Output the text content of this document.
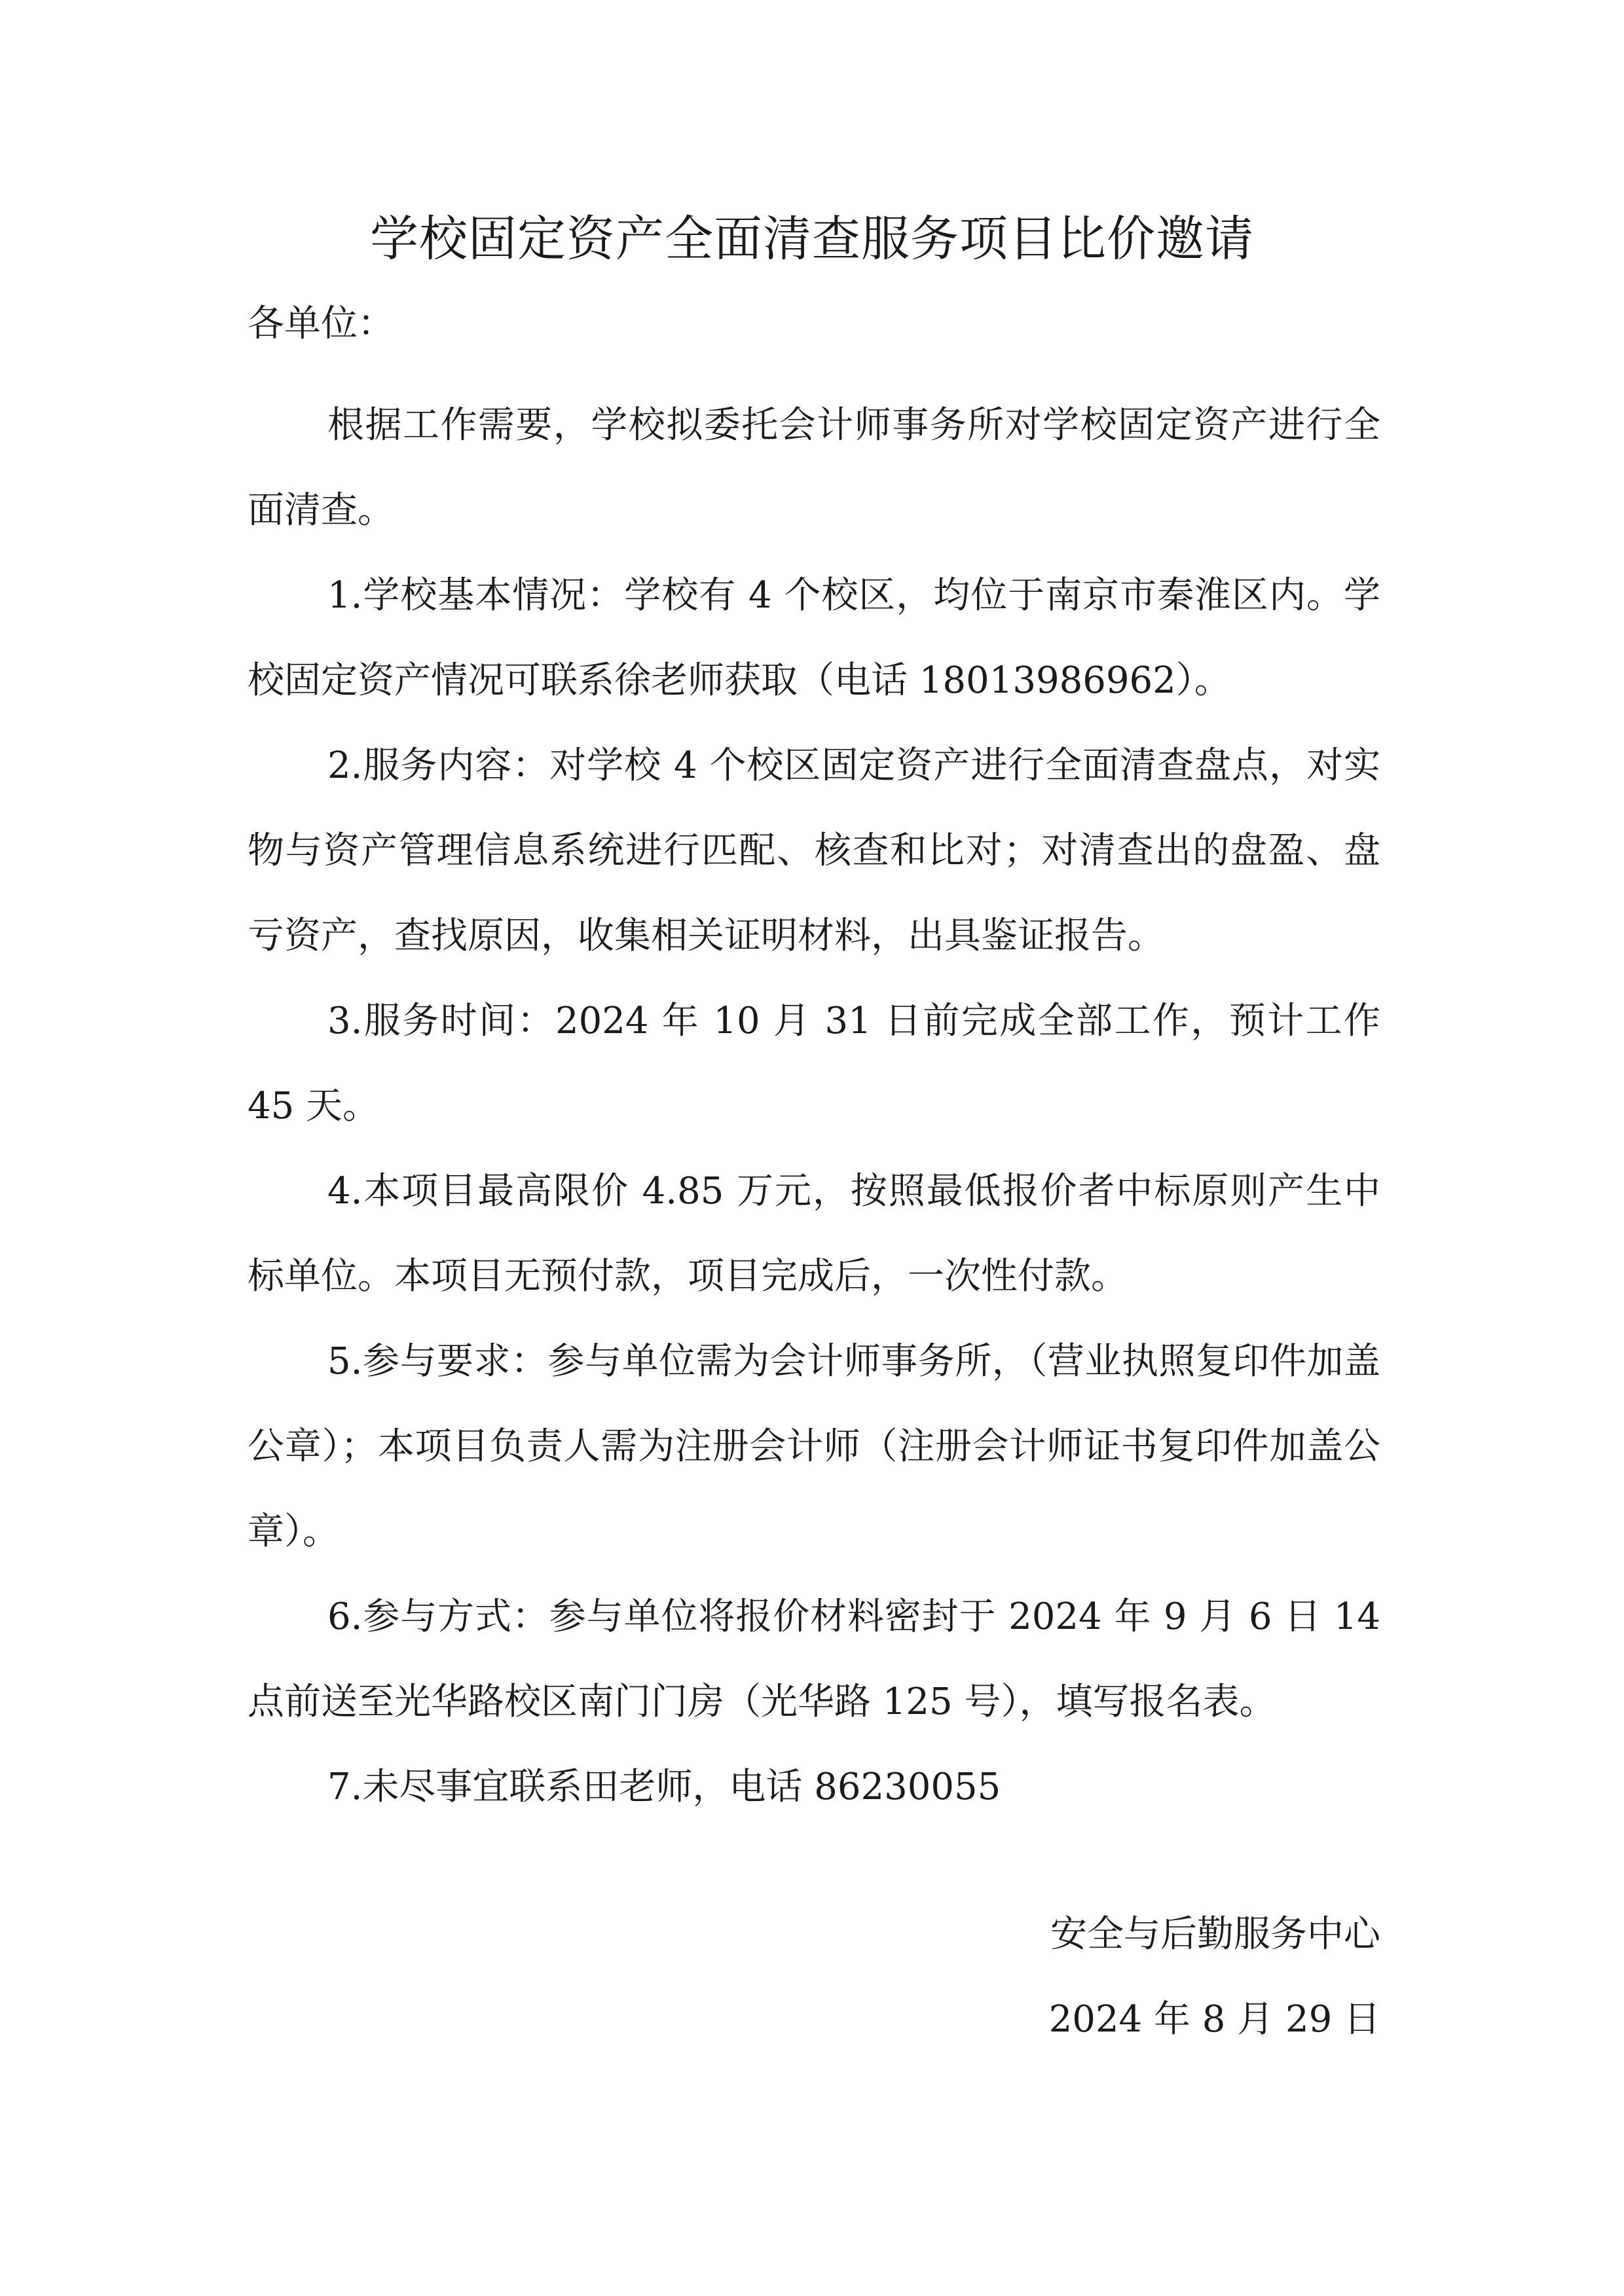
学校固定资产全面清查服务项目比价邀请

各单位：

根据工作需要，学校拟委托会计师事务所对学校固定资产进行全面清查。

1.学校基本情况：学校有 4 个校区，均位于南京市秦淮区内。学校固定资产情况可联系徐老师获取（电话 18013986962）。

2.服务内容：对学校 4 个校区固定资产进行全面清查盘点，对实物与资产管理信息系统进行匹配、核查和比对；对清查出的盘盈、盘亏资产，查找原因，收集相关证明材料，出具鉴证报告。

3.服务时间：2024 年 10 月 31 日前完成全部工作，预计工作 45 天。

4.本项目最高限价 4.85 万元，按照最低报价者中标原则产生中标单位。本项目无预付款，项目完成后，一次性付款。

5.参与要求：参与单位需为会计师事务所，（营业执照复印件加盖公章）；本项目负责人需为注册会计师（注册会计师证书复印件加盖公章）。

6.参与方式：参与单位将报价材料密封于 2024 年 9 月 6 日 14 点前送至光华路校区南门门房（光华路 125 号），填写报名表。

7.未尽事宜联系田老师，电话 86230055

安全与后勤服务中心
2024 年 8 月 29 日
